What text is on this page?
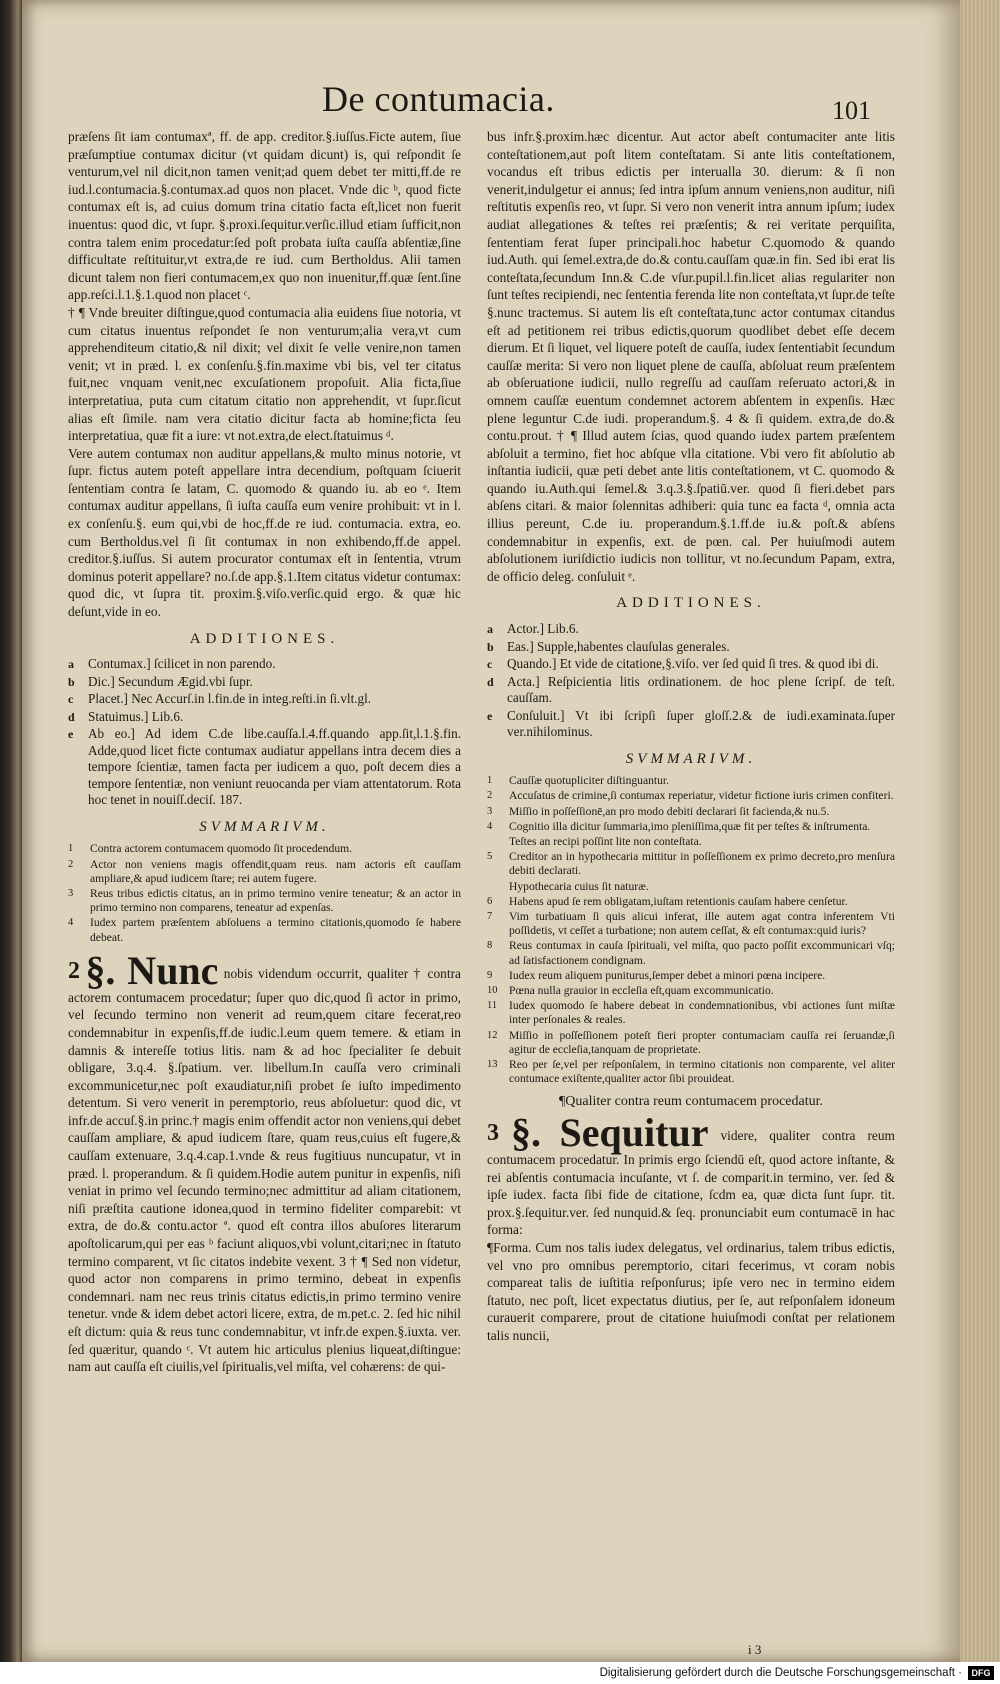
De contumacia.	101

præſens ſit iam contumaxª, ff. de app. creditor.§.iuſſus.Ficte autem, ſiue præſumptiue contumax dicitur (vt quidam dicunt) is, qui reſpondit ſe venturum,vel nil dicit,non tamen venit;ad quem debet ter mitti,ff.de re iud.l.contumacia.§.contumax.ad quos non placet. Vnde dic ᵇ, quod ficte contumax eſt is, ad cuius domum trina citatio facta eſt,licet non fuerit inuentus: quod dic, vt ſupr. §.proxi.ſequitur.verſic.illud etiam ſufficit,non contra talem enim procedatur:ſed poſt probata iuſta cauſſa abſentiæ,ſine difficultate reſtituitur,vt extra,de re iud. cum Bertholdus. Alii tamen dicunt talem non fieri contumacem,ex quo non inuenitur,ff.quæ ſent.ſine app.reſci.l.1.§.1.quod non placet ᶜ.

† ¶ Vnde breuiter diſtingue,quod contumacia alia euidens ſiue notoria, vt cum citatus inuentus reſpondet ſe non venturum;alia vera,vt cum apprehenditeum citatio,& nil dixit; vel dixit ſe velle venire,non tamen venit; vt in præd. l. ex conſenſu.§.fin.maxime vbi bis, vel ter citatus fuit,nec vnquam venit,nec excuſationem propoſuit. Alia ficta,ſiue interpretatiua, puta cum citatum citatio non apprehendit, vt ſupr.ſicut alias eſt ſimile. nam vera citatio dicitur facta ab homine;ficta ſeu interpretatiua, quæ fit a iure: vt not.extra,de elect.ſtatuimus ᵈ.

Vere autem contumax non auditur appellans,& multo minus notorie, vt ſupr. fictus autem poteſt appellare intra decendium, poſtquam ſciuerit ſententiam contra ſe latam, C. quomodo & quando iu. ab eo ᵉ. Item contumax auditur appellans, ſi iuſta cauſſa eum venire prohibuit: vt in l. ex conſenſu.§. eum qui,vbi de hoc,ff.de re iud. contumacia. extra, eo. cum Bertholdus.vel ſi ſit contumax in non exhibendo,ff.de appel. creditor.§.iuſſus. Si autem procurator contumax eſt in ſententia, vtrum dominus poterit appellare? no.ſ.de app.§.1.Item citatus videtur contumax: quod dic, vt ſupra tit. proxim.§.viſo.verſic.quid ergo. & quæ hic deſunt,vide in eo.

ADDITIONES.
a	Contumax.] ſcilicet in non parendo.
b	Dic.] Secundum Ægid.vbi ſupr.
c	Placet.] Nec Accurſ.in l.fin.de in integ.reſti.in ſi.vlt.gl.
d	Statuimus.] Lib.6.
e	Ab eo.] Ad idem C.de libe.cauſſa.l.4.ff.quando app.ſit,l.1.§.fin. Adde,quod licet ficte contumax audiatur appellans intra decem dies a tempore ſcientiæ, tamen facta per iudicem a quo, poſt decem dies a tempore ſententiæ, non veniunt reuocanda per viam attentatorum. Rota hoc tenet in nouiſſ.deciſ. 187.
SVMMARIVM.
1	Contra actorem contumacem quomodo ſit procedendum.
2	Actor non veniens magis offendit,quam reus. nam actoris eſt cauſſam ampliare,& apud iudicem ſtare; rei autem fugere.
3	Reus tribus edictis citatus, an in primo termino venire teneatur; & an actor in primo termino non comparens, teneatur ad expenſas.
4	Iudex partem præſentem abſoluens a termino citationis,quomodo ſe habere debeat.

2 §. Nunc nobis videndum occurrit, qualiter † contra actorem contumacem procedatur; ſuper quo dic,quod ſi actor in primo, vel ſecundo termino non venerit ad reum,quem citare fecerat,reo condemnabitur in expenſis,ff.de iudic.l.eum quem temere. & etiam in damnis & intereſſe totius litis. nam & ad hoc ſpecialiter ſe debuit obligare, 3.q.4. §.ſpatium. ver. libellum.In cauſſa vero criminali excommunicetur,nec poſt exaudiatur,niſi probet ſe iuſto impedimento detentum. Si vero venerit in peremptorio, reus abſoluetur: quod dic, vt infr.de accuſ.§.in princ.† magis enim offendit actor non veniens,qui debet cauſſam ampliare, & apud iudicem ſtare, quam reus,cuius eſt fugere,& cauſſam extenuare, 3.q.4.cap.1.vnde & reus fugitiuus nuncupatur, vt in præd. l. properandum. & ſi quidem.Hodie autem punitur in expenſis, niſi veniat in primo vel ſecundo termino;nec admittitur ad aliam citationem, niſi præſtita cautione idonea,quod in termino fideliter comparebit: vt extra, de do.& contu.actor ª. quod eſt contra illos abuſores literarum apoſtolicarum,qui per eas ᵇ faciunt aliquos,vbi volunt,citari;nec in ſtatuto termino comparent, vt ſic citatos indebite vexent. 3 † ¶ Sed non videtur, quod actor non comparens in primo termino, debeat in expenſis condemnari. nam nec reus trinis citatus edictis,in primo termino venire tenetur. vnde & idem debet actori licere, extra, de m.pet.c. 2. ſed hic nihil eſt dictum: quia & reus tunc condemnabitur, vt infr.de expen.§.iuxta. ver. ſed quæritur, quando ᶜ. Vt autem hic articulus plenius liqueat,diſtingue: nam aut cauſſa eſt ciuilis,vel ſpiritualis,vel miſta, vel cohærens: de qui-

bus infr.§.proxim.hæc dicentur. Aut actor abeſt contumaciter ante litis conteſtationem,aut poſt litem conteſtatam. Si ante litis conteſtationem, vocandus eſt tribus edictis per interualla 30. dierum: & ſi non venerit,indulgetur ei annus; ſed intra ipſum annum veniens,non auditur, niſi reſtitutis expenſis reo, vt ſupr. Si vero non venerit intra annum ipſum; iudex audiat allegationes & teſtes rei præſentis; & rei veritate perquiſita, ſententiam ferat ſuper principali.hoc habetur C.quomodo & quando iud.Auth. qui ſemel.extra,de do.& contu.cauſſam quæ.in fin. Sed ibi erat lis conteſtata,ſecundum Inn.& C.de vſur.pupil.l.fin.licet alias regulariter non ſunt teſtes recipiendi, nec ſententia ferenda lite non conteſtata,vt ſupr.de teſte §.nunc tractemus. Si autem lis eſt conteſtata,tunc actor contumax citandus eſt ad petitionem rei tribus edictis,quorum quodlibet debet eſſe decem dierum. Et ſi liquet, vel liquere poteſt de cauſſa, iudex ſententiabit ſecundum cauſſæ merita: Si vero non liquet plene de cauſſa, abſoluat reum præſentem ab obſeruatione iudicii, nullo regreſſu ad cauſſam reſeruato actori,& in omnem cauſſæ euentum condemnet actorem abſentem in expenſis. Hæc plene leguntur C.de iudi. properandum.§. 4 & ſi quidem. extra,de do.& contu.prout. † ¶ Illud autem ſcias, quod quando iudex partem præſentem abſoluit a termino, fiet hoc abſque vlla citatione. Vbi vero fit abſolutio ab inſtantia iudicii, quæ peti debet ante litis conteſtationem, vt C. quomodo & quando iu.Auth.qui ſemel.& 3.q.3.§.ſpatiū.ver. quod ſi fieri.debet pars abſens citari. & maior ſolennitas adhiberi: quia tunc ea facta ᵈ, omnia acta illius pereunt, C.de iu. properandum.§.1.ff.de iu.& poſt.& abſens condemnabitur in expenſis, ext. de pœn. cal. Per huiuſmodi autem abſolutionem iuriſdictio iudicis non tollitur, vt no.ſecundum Papam, extra, de officio deleg. conſuluit ᵉ.

ADDITIONES.
a	Actor.] Lib.6.
b	Eas.] Supple,habentes clauſulas generales.
c	Quando.] Et vide de citatione,§.viſo. ver ſed quid ſi tres. & quod ibi di.
d	Acta.] Reſpicientia litis ordinationem. de hoc plene ſcripſ. de teſt. cauſſam.
e	Conſuluit.] Vt ibi ſcripſi ſuper gloſſ.2.& de iudi.examinata.ſuper ver.nihilominus.
SVMMARIVM.
1	Cauſſæ quotupliciter diſtinguantur.
2	Accuſatus de crimine,ſi contumax reperiatur, videtur fictione iuris crimen confiteri.
3	Miſſio in poſſeſſionē,an pro modo debiti declarari ſit facienda,& nu.5.
4	Cognitio illa dicitur ſummaria,imo pleniſſima,quæ fit per teſtes & inſtrumenta.
Teſtes an recipi poſſint lite non conteſtata.
5	Creditor an in hypothecaria mittitur in poſſeſſionem ex primo decreto,pro menſura debiti declarati.
Hypothecaria cuius ſit naturæ.
6	Habens apud ſe rem obligatam,iuſtam retentionis cauſam habere cenſetur.
7	Vim turbatiuam ſi quis alicui inferat, ille autem agat contra inferentem Vti poſſidetis, vt ceſſet a turbatione; non autem ceſſat, & eſt contumax:quid iuris?
8	Reus contumax in cauſa ſpirituali, vel miſta, quo pacto poſſit excommunicari vſq; ad ſatisfactionem condignam.
9	Iudex reum aliquem puniturus,ſemper debet a minori pœna incipere.
10 Pœna nulla grauior in eccleſia eſt,quam excommunicatio.
11	Iudex quomodo ſe habere debeat in condemnationibus, vbi actiones ſunt miſtæ inter perſonales & reales.
12 Miſſio in poſſeſſionem poteſt fieri propter contumaciam cauſſa rei ſeruandæ,ſi agitur de eccleſia,tanquam de proprietate.
13 Reo per ſe,vel per reſponſalem, in termino citationis non comparente, vel aliter contumace exiſtente,qualiter actor ſibi prouideat.
¶Qualiter contra reum contumacem procedatur.

3 §. Sequitur videre, qualiter contra reum contumacem procedatur. In primis ergo ſciendū eſt, quod actore inſtante, & rei abſentis contumacia incuſante, vt ſ. de comparit.in termino, ver. ſed & ipſe iudex. facta ſibi fide de citatione, ſcdm ea, quæ dicta ſunt ſupr. tit. prox.§.ſequitur.ver. ſed nunquid.& ſeq. pronunciabit eum contumacē in hac forma:

¶Forma. Cum nos talis iudex delegatus, vel ordinarius, talem tribus edictis, vel vno pro omnibus peremptorio, citari fecerimus, vt coram nobis compareat talis de iuſtitia reſponſurus; ipſe vero nec in termino eidem ſtatuto, nec poſt, licet expectatus diutius, per ſe, aut reſponſalem idoneum curauerit comparere, prout de citatione huiuſmodi conſtat per relationem talis nuncii,

i 3
Digitalisierung gefördert durch die Deutsche Forschungsgemeinschaft ·	DFG
